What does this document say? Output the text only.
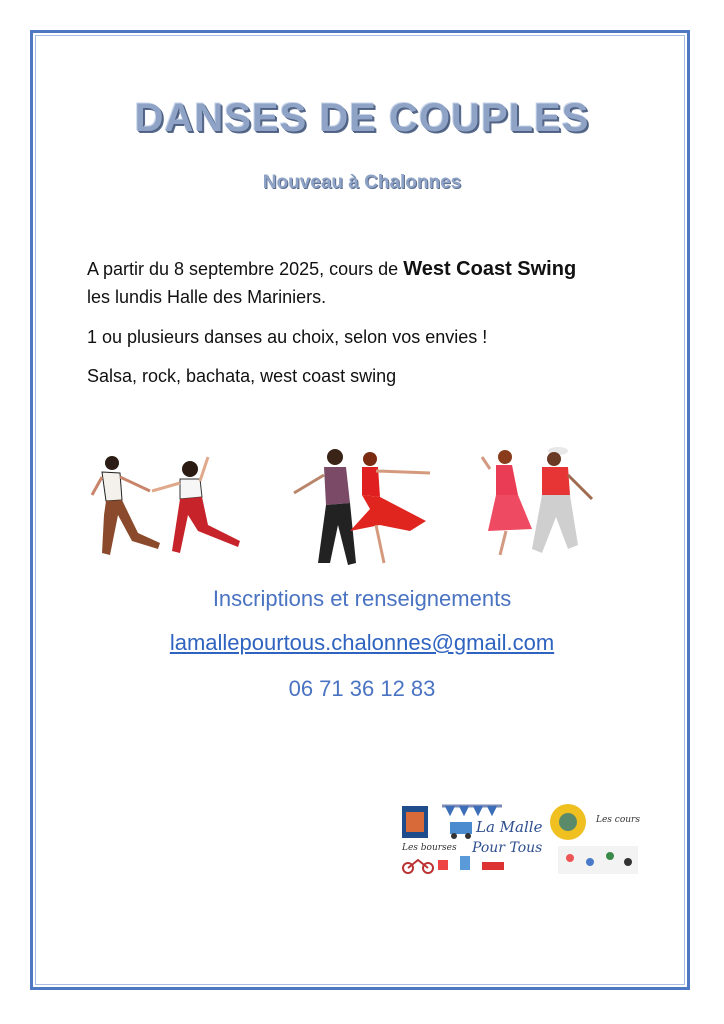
DANSES DE COUPLES
Nouveau à Chalonnes
A partir du 8 septembre 2025, cours de West Coast Swing
les lundis Halle des Mariniers.
1 ou plusieurs danses au choix, selon vos envies !
Salsa, rock, bachata, west coast swing
Inscriptions et renseignements
lamallepourtous.chalonnes@gmail.com
06 71 36 12 83
La Malle
Pour Tous
Les cours
Les bourses
